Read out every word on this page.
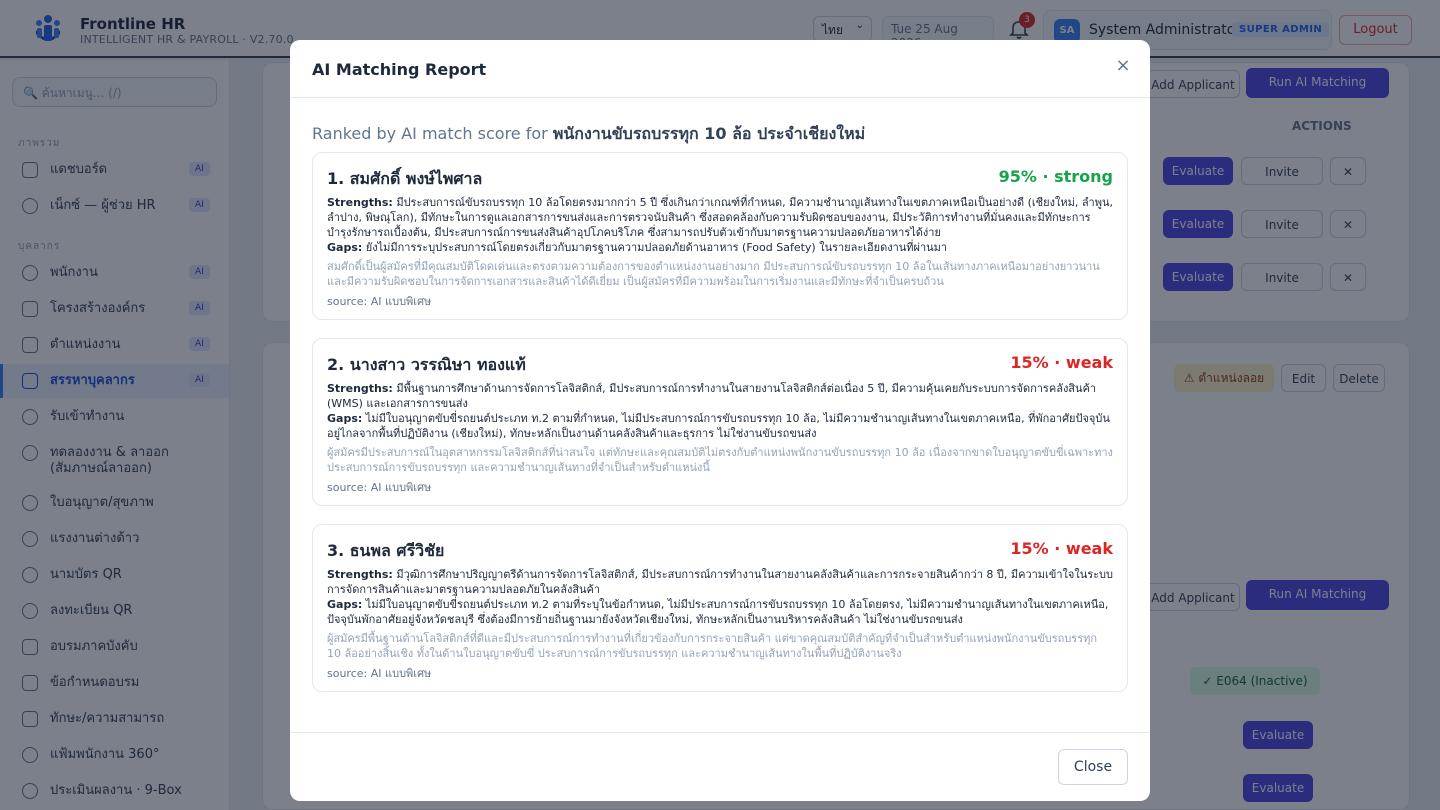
AI Matching Report	×
Ranked by AI match score for พนักงานขับรถบรรทุก 10 ล้อ ประจำเชียงใหม่
1. สมศักดิ์ พงษ์ไพศาล	95% · strong
Strengths: มีประสบการณ์ขับรถบรรทุก 10 ล้อโดยตรงมากกว่า 5 ปี ซึ่งเกินกว่าเกณฑ์ที่กำหนด, มีความชำนาญเส้นทางในเขตภาคเหนือเป็นอย่างดี (เชียงใหม่, ลำพูน, ลำปาง, พิษณุโลก), มีทักษะในการดูแลเอกสารการขนส่งและการตรวจนับสินค้า ซึ่งสอดคล้องกับความรับผิดชอบของงาน, มีประวัติการทำงานที่มั่นคงและมีทักษะการบำรุงรักษารถเบื้องต้น, มีประสบการณ์การขนส่งสินค้าอุปโภคบริโภค ซึ่งสามารถปรับตัวเข้ากับมาตรฐานความปลอดภัยอาหารได้ง่าย
Gaps: ยังไม่มีการระบุประสบการณ์โดยตรงเกี่ยวกับมาตรฐานความปลอดภัยด้านอาหาร (Food Safety) ในรายละเอียดงานที่ผ่านมา
สมศักดิ์เป็นผู้สมัครที่มีคุณสมบัติโดดเด่นและตรงตามความต้องการของตำแหน่งงานอย่างมาก มีประสบการณ์ขับรถบรรทุก 10 ล้อในเส้นทางภาคเหนือมาอย่างยาวนาน และมีความรับผิดชอบในการจัดการเอกสารและสินค้าได้ดีเยี่ยม เป็นผู้สมัครที่มีความพร้อมในการเริ่มงานและมีทักษะที่จำเป็นครบถ้วน
source: AI แบบพิเศษ
2. นางสาว วรรณิษา ทองแท้	15% · weak
Strengths: มีพื้นฐานการศึกษาด้านการจัดการโลจิสติกส์, มีประสบการณ์การทำงานในสายงานโลจิสติกส์ต่อเนื่อง 5 ปี, มีความคุ้นเคยกับระบบการจัดการคลังสินค้า (WMS) และเอกสารการขนส่ง
Gaps: ไม่มีใบอนุญาตขับขี่รถยนต์ประเภท ท.2 ตามที่กำหนด, ไม่มีประสบการณ์การขับรถบรรทุก 10 ล้อ, ไม่มีความชำนาญเส้นทางในเขตภาคเหนือ, ที่พักอาศัยปัจจุบันอยู่ไกลจากพื้นที่ปฏิบัติงาน (เชียงใหม่), ทักษะหลักเป็นงานด้านคลังสินค้าและธุรการ ไม่ใช่งานขับรถขนส่ง
ผู้สมัครมีประสบการณ์ในอุตสาหกรรมโลจิสติกส์ที่น่าสนใจ แต่ทักษะและคุณสมบัติไม่ตรงกับตำแหน่งพนักงานขับรถบรรทุก 10 ล้อ เนื่องจากขาดใบอนุญาตขับขี่เฉพาะทาง ประสบการณ์การขับรถบรรทุก และความชำนาญเส้นทางที่จำเป็นสำหรับตำแหน่งนี้
source: AI แบบพิเศษ
3. ธนพล ศรีวิชัย	15% · weak
Strengths: มีวุฒิการศึกษาปริญญาตรีด้านการจัดการโลจิสติกส์, มีประสบการณ์การทำงานในสายงานคลังสินค้าและการกระจายสินค้ากว่า 8 ปี, มีความเข้าใจในระบบการจัดการสินค้าและมาตรฐานความปลอดภัยในคลังสินค้า
Gaps: ไม่มีใบอนุญาตขับขี่รถยนต์ประเภท ท.2 ตามที่ระบุในข้อกำหนด, ไม่มีประสบการณ์การขับรถบรรทุก 10 ล้อโดยตรง, ไม่มีความชำนาญเส้นทางในเขตภาคเหนือ, ปัจจุบันพักอาศัยอยู่จังหวัดชลบุรี ซึ่งต้องมีการย้ายถิ่นฐานมายังจังหวัดเชียงใหม่, ทักษะหลักเป็นงานบริหารคลังสินค้า ไม่ใช่งานขับรถขนส่ง
ผู้สมัครมีพื้นฐานด้านโลจิสติกส์ที่ดีและมีประสบการณ์การทำงานที่เกี่ยวข้องกับการกระจายสินค้า แต่ขาดคุณสมบัติสำคัญที่จำเป็นสำหรับตำแหน่งพนักงานขับรถบรรทุก 10 ล้ออย่างสิ้นเชิง ทั้งในด้านใบอนุญาตขับขี่ ประสบการณ์การขับรถบรรทุก และความชำนาญเส้นทางในพื้นที่ปฏิบัติงานจริง
source: AI แบบพิเศษ
Close
